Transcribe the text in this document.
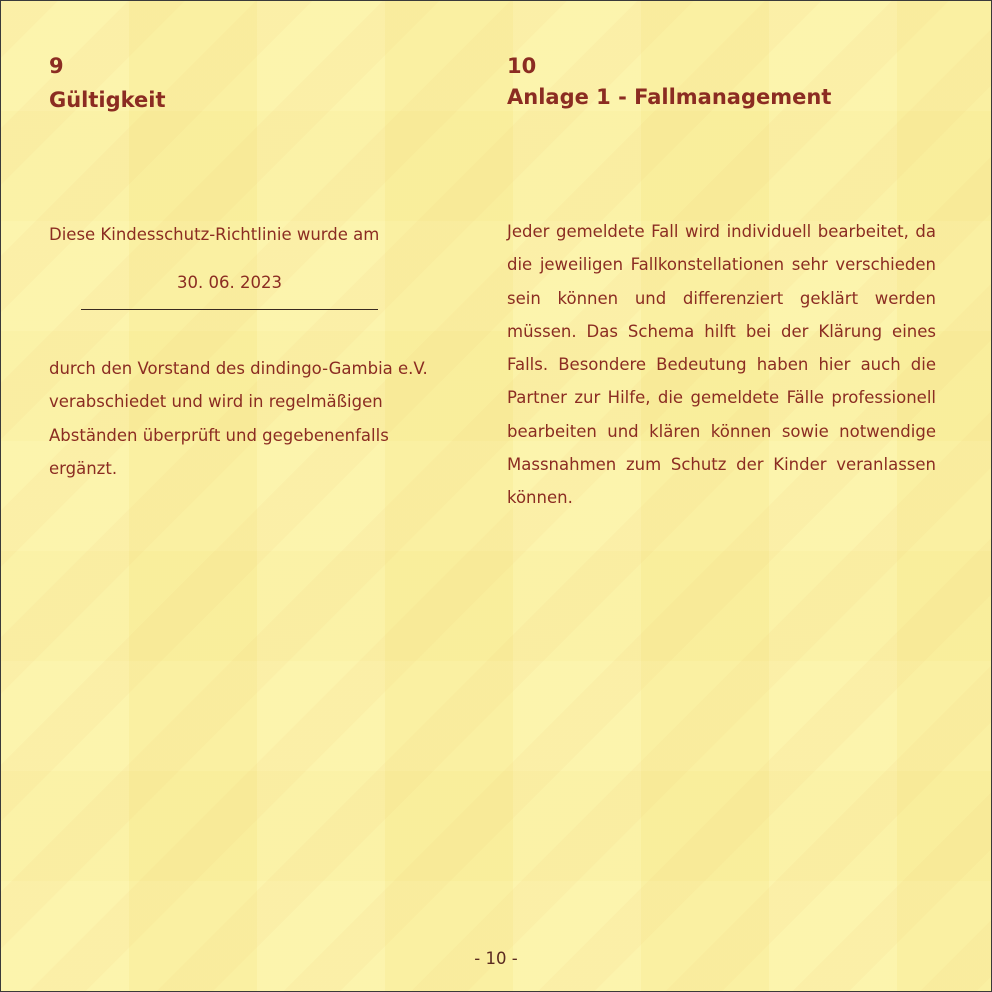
9
Gültigkeit

Diese Kindesschutz-Richtlinie wurde am

30. 06. 2023

durch den Vorstand des dindingo-Gambia e.V. verabschiedet und wird in regelmäßigen Abständen überprüft und gegebenenfalls ergänzt.

10
Anlage 1 - Fallmanagement

Jeder gemeldete Fall wird individuell bearbeitet, da die jeweiligen Fallkonstellationen sehr verschieden sein können und differenziert geklärt werden müssen. Das Schema hilft bei der Klärung eines Falls. Besondere Bedeutung haben hier auch die Partner zur Hilfe, die gemeldete Fälle professionell bearbeiten und klären können sowie notwendige Massnahmen zum Schutz der Kinder veranlassen können.

- 10 -
